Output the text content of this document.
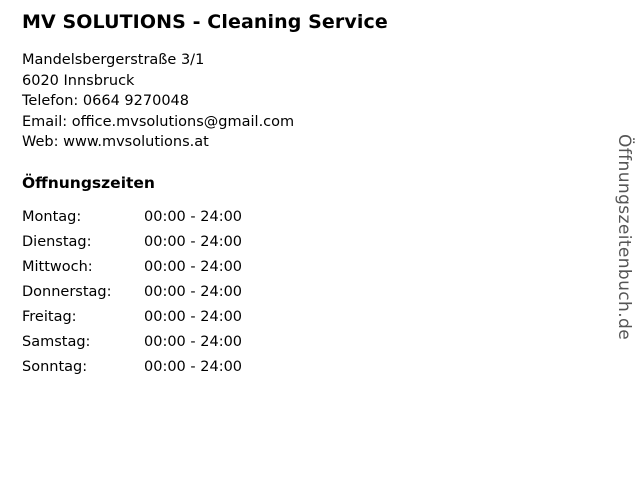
MV SOLUTIONS - Cleaning Service
Mandelsbergerstraße 3/1
6020 Innsbruck
Telefon: 0664 9270048
Email: office.mvsolutions@gmail.com
Web: www.mvsolutions.at
Öffnungszeiten
Montag:	00:00 - 24:00
Dienstag:	00:00 - 24:00
Mittwoch:	00:00 - 24:00
Donnerstag:	00:00 - 24:00
Freitag:	00:00 - 24:00
Samstag:	00:00 - 24:00
Sonntag:	00:00 - 24:00
Öffnungszeitenbuch.de
